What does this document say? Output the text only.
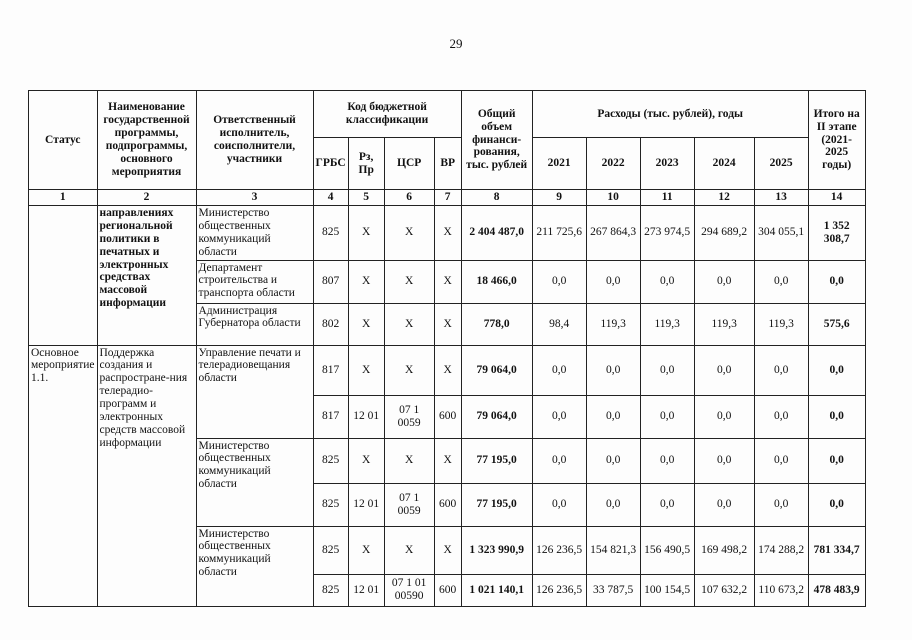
29
Статус	Наименование государственной программы, подпрограммы, основного мероприятия	Ответственный исполнитель, соисполнители, участники	Код бюджетной классификации				Общий объем финанси-рования, тыс. рублей	Расходы (тыс. рублей), годы					Итого на II этапе (2021-2025 годы)
			ГРБС	Рз, Пр	ЦСР	ВР		2021	2022	2023	2024	2025	
1	2	3	4	5	6	7	8	9	10	11	12	13	14
	направлениях региональной политики в печатных и электронных средствах массовой информации	Министерство общественных коммуникаций области	825	Х	Х	Х	2 404 487,0	211 725,6	267 864,3	273 974,5	294 689,2	304 055,1	1 352 308,7
		Департамент строительства и транспорта области	807	Х	Х	Х	18 466,0	0,0	0,0	0,0	0,0	0,0	0,0
		Администрация Губернатора области	802	Х	Х	Х	778,0	98,4	119,3	119,3	119,3	119,3	575,6
Основное мероприятие 1.1.	Поддержка создания и распростране-ния телерадио-программ и электронных средств массовой информации	Управление печати и телерадиовещания области	817	Х	Х	Х	79 064,0	0,0	0,0	0,0	0,0	0,0	0,0
			817	12 01	07 1 0059	600	79 064,0	0,0	0,0	0,0	0,0	0,0	0,0
		Министерство общественных коммуникаций области	825	Х	Х	Х	77 195,0	0,0	0,0	0,0	0,0	0,0	0,0
			825	12 01	07 1 0059	600	77 195,0	0,0	0,0	0,0	0,0	0,0	0,0
		Министерство общественных коммуникаций области	825	Х	Х	Х	1 323 990,9	126 236,5	154 821,3	156 490,5	169 498,2	174 288,2	781 334,7
			825	12 01	07 1 01 00590	600	1 021 140,1	126 236,5	33 787,5	100 154,5	107 632,2	110 673,2	478 483,9
